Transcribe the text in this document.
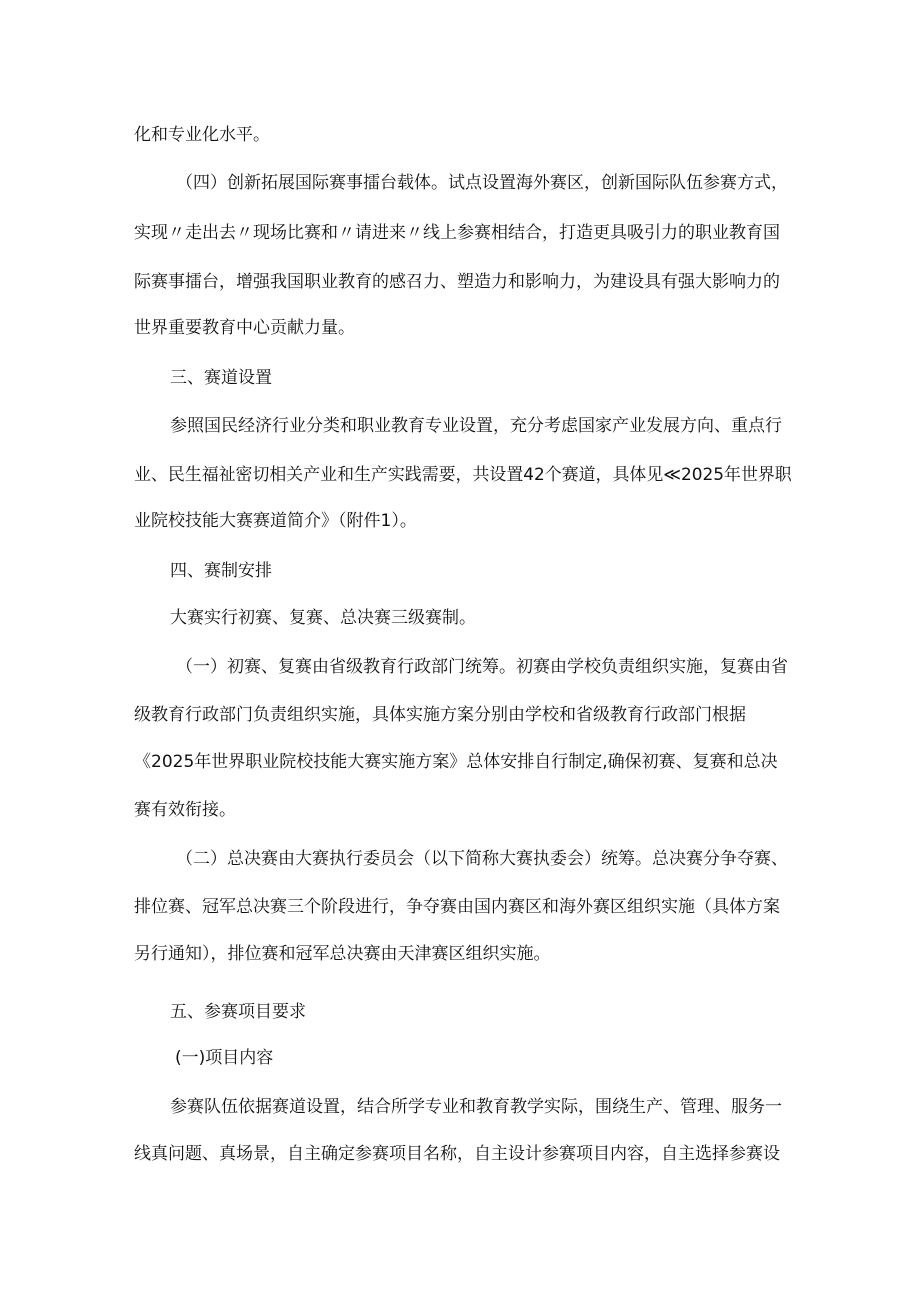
化和专业化水平。
（四）创新拓展国际赛事擂台载体。试点设置海外赛区，创新国际队伍参赛方式，
实现〃走出去〃现场比赛和〃请进来〃线上参赛相结合，打造更具吸引力的职业教育国
际赛事擂台，增强我国职业教育的感召力、塑造力和影响力，为建设具有强大影响力的
世界重要教育中心贡献力量。
三、赛道设置
参照国民经济行业分类和职业教育专业设置，充分考虑国家产业发展方向、重点行
业、民生福祉密切相关产业和生产实践需要，共设置42个赛道，具体见≪2025年世界职
业院校技能大赛赛道简介》（附件1）。
四、赛制安排
大赛实行初赛、复赛、总决赛三级赛制。
（一）初赛、复赛由省级教育行政部门统筹。初赛由学校负责组织实施，复赛由省
级教育行政部门负责组织实施，具体实施方案分别由学校和省级教育行政部门根据
《2025年世界职业院校技能大赛实施方案》总体安排自行制定,确保初赛、复赛和总决
赛有效衔接。
（二）总决赛由大赛执行委员会（以下简称大赛执委会）统筹。总决赛分争夺赛、
排位赛、冠军总决赛三个阶段进行，争夺赛由国内赛区和海外赛区组织实施（具体方案
另行通知），排位赛和冠军总决赛由天津赛区组织实施。
五、参赛项目要求
(一)项目内容
参赛队伍依据赛道设置，结合所学专业和教育教学实际，围绕生产、管理、服务一
线真问题、真场景，自主确定参赛项目名称，自主设计参赛项目内容，自主选择参赛设
